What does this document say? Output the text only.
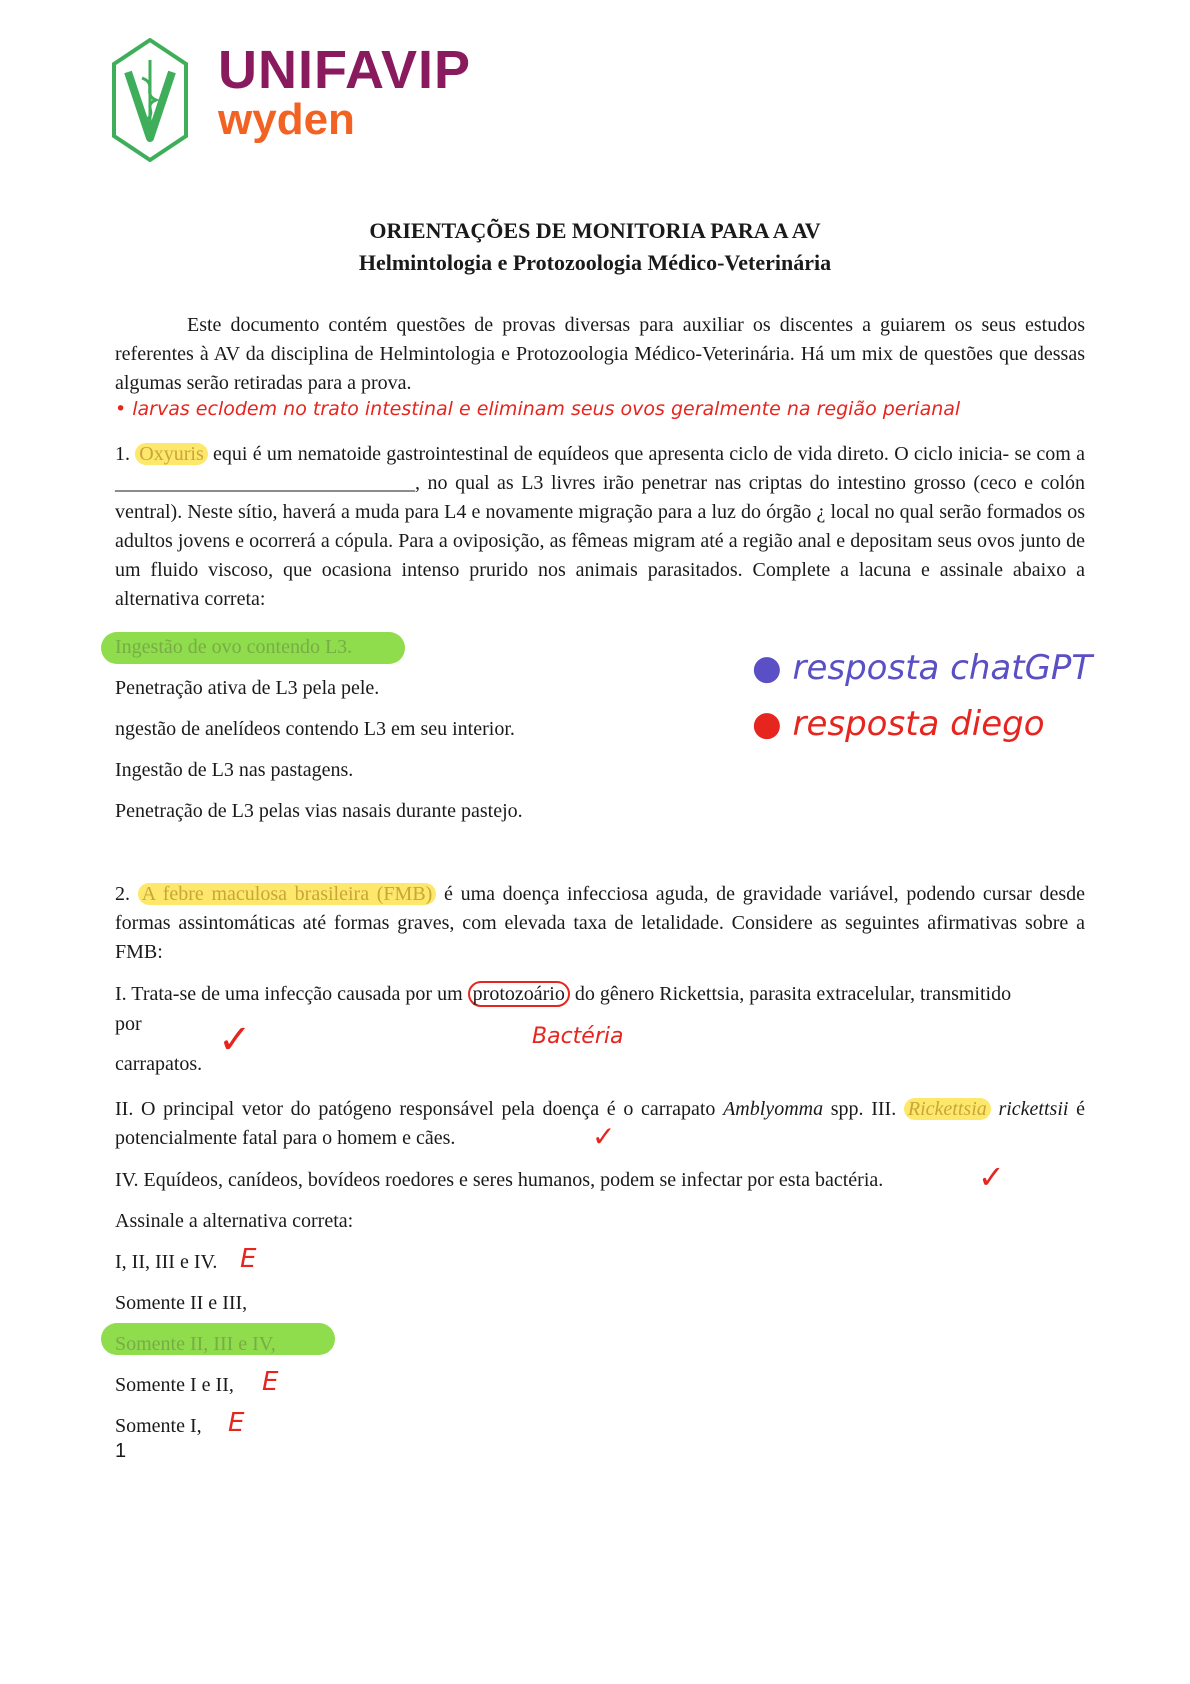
UNIFAVIP
wyden
ORIENTAÇÕES DE MONITORIA PARA A AV
Helmintologia e Protozoologia Médico-Veterinária
Este documento contém questões de provas diversas para auxiliar os discentes a guiarem os seus estudos referentes à AV da disciplina de Helmintologia e Protozoologia Médico-Veterinária. Há um mix de questões que dessas algumas serão retiradas para a prova.
• larvas eclodem no trato intestinal e eliminam seus ovos geralmente na região perianal
1. Oxyuris equi é um nematoide gastrointestinal de equídeos que apresenta ciclo de vida direto. O ciclo inicia- se com a ______________________________, no qual as L3 livres irão penetrar nas criptas do intestino grosso (ceco e colón ventral). Neste sítio, haverá a muda para L4 e novamente migração para a luz do órgão ¿ local no qual serão formados os adultos jovens e ocorrerá a cópula. Para a oviposição, as fêmeas migram até a região anal e depositam seus ovos junto de um fluido viscoso, que ocasiona intenso prurido nos animais parasitados. Complete a lacuna e assinale abaixo a alternativa correta:
Ingestão de ovo contendo L3.
Penetração ativa de L3 pela pele.
ngestão de anelídeos contendo L3 em seu interior.
Ingestão de L3 nas pastagens.
Penetração de L3 pelas vias nasais durante pastejo.
● resposta chatGPT
● resposta diego
2. A febre maculosa brasileira (FMB) é uma doença infecciosa aguda, de gravidade variável, podendo cursar desde formas assintomáticas até formas graves, com elevada taxa de letalidade. Considere as seguintes afirmativas sobre a FMB:
I. Trata-se de uma infecção causada por um protozoário do gênero Rickettsia, parasita extracelular, transmitido
por	Bactéria
carrapatos.
✓
II. O principal vetor do patógeno responsável pela doença é o carrapato Amblyomma spp. III. Rickettsia rickettsii é potencialmente fatal para o homem e cães.	✓
IV. Equídeos, canídeos, bovídeos roedores e seres humanos, podem se infectar por esta bactéria.	✓
Assinale a alternativa correta:
I, II, III e IV. E
Somente II e III,
Somente II, III e IV,
Somente I e II, E
Somente I, E
1
